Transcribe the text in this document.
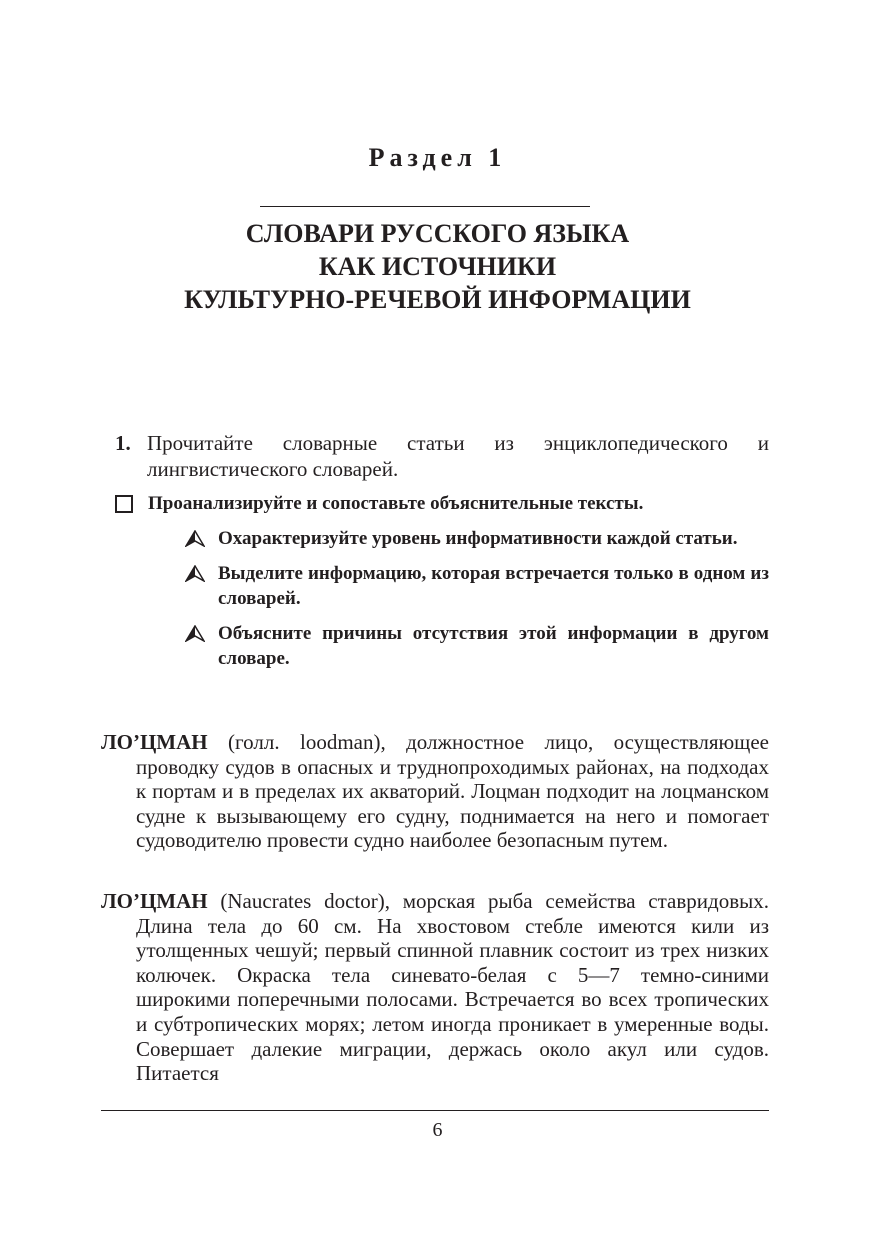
Раздел 1
СЛОВАРИ РУССКОГО ЯЗЫКА
КАК ИСТОЧНИКИ
КУЛЬТУРНО-РЕЧЕВОЙ ИНФОРМАЦИИ
1. Прочитайте словарные статьи из энциклопедического и лингвистического словарей.
Проанализируйте и сопоставьте объяснительные тексты.
Охарактеризуйте уровень информативности каждой статьи.
Выделите информацию, которая встречается только в одном из словарей.
Объясните причины отсутствия этой информации в другом словаре.
ЛО’ЦМАН (голл. loodman), должностное лицо, осуществляющее проводку судов в опасных и труднопроходимых районах, на подходах к портам и в пределах их акваторий. Лоцман подходит на лоцманском судне к вызывающему его судну, поднимается на него и помогает судоводителю провести судно наиболее безопасным путем.
ЛО’ЦМАН (Naucrates doctor), морская рыба семейства ставридовых. Длина тела до 60 см. На хвостовом стебле имеются кили из утолщенных чешуй; первый спинной плавник состоит из трех низких колючек. Окраска тела синевато-белая с 5—7 темно-синими широкими поперечными полосами. Встречается во всех тропических и субтропических морях; летом иногда проникает в умеренные воды. Совершает далекие миграции, держась около акул или судов. Питается
6
